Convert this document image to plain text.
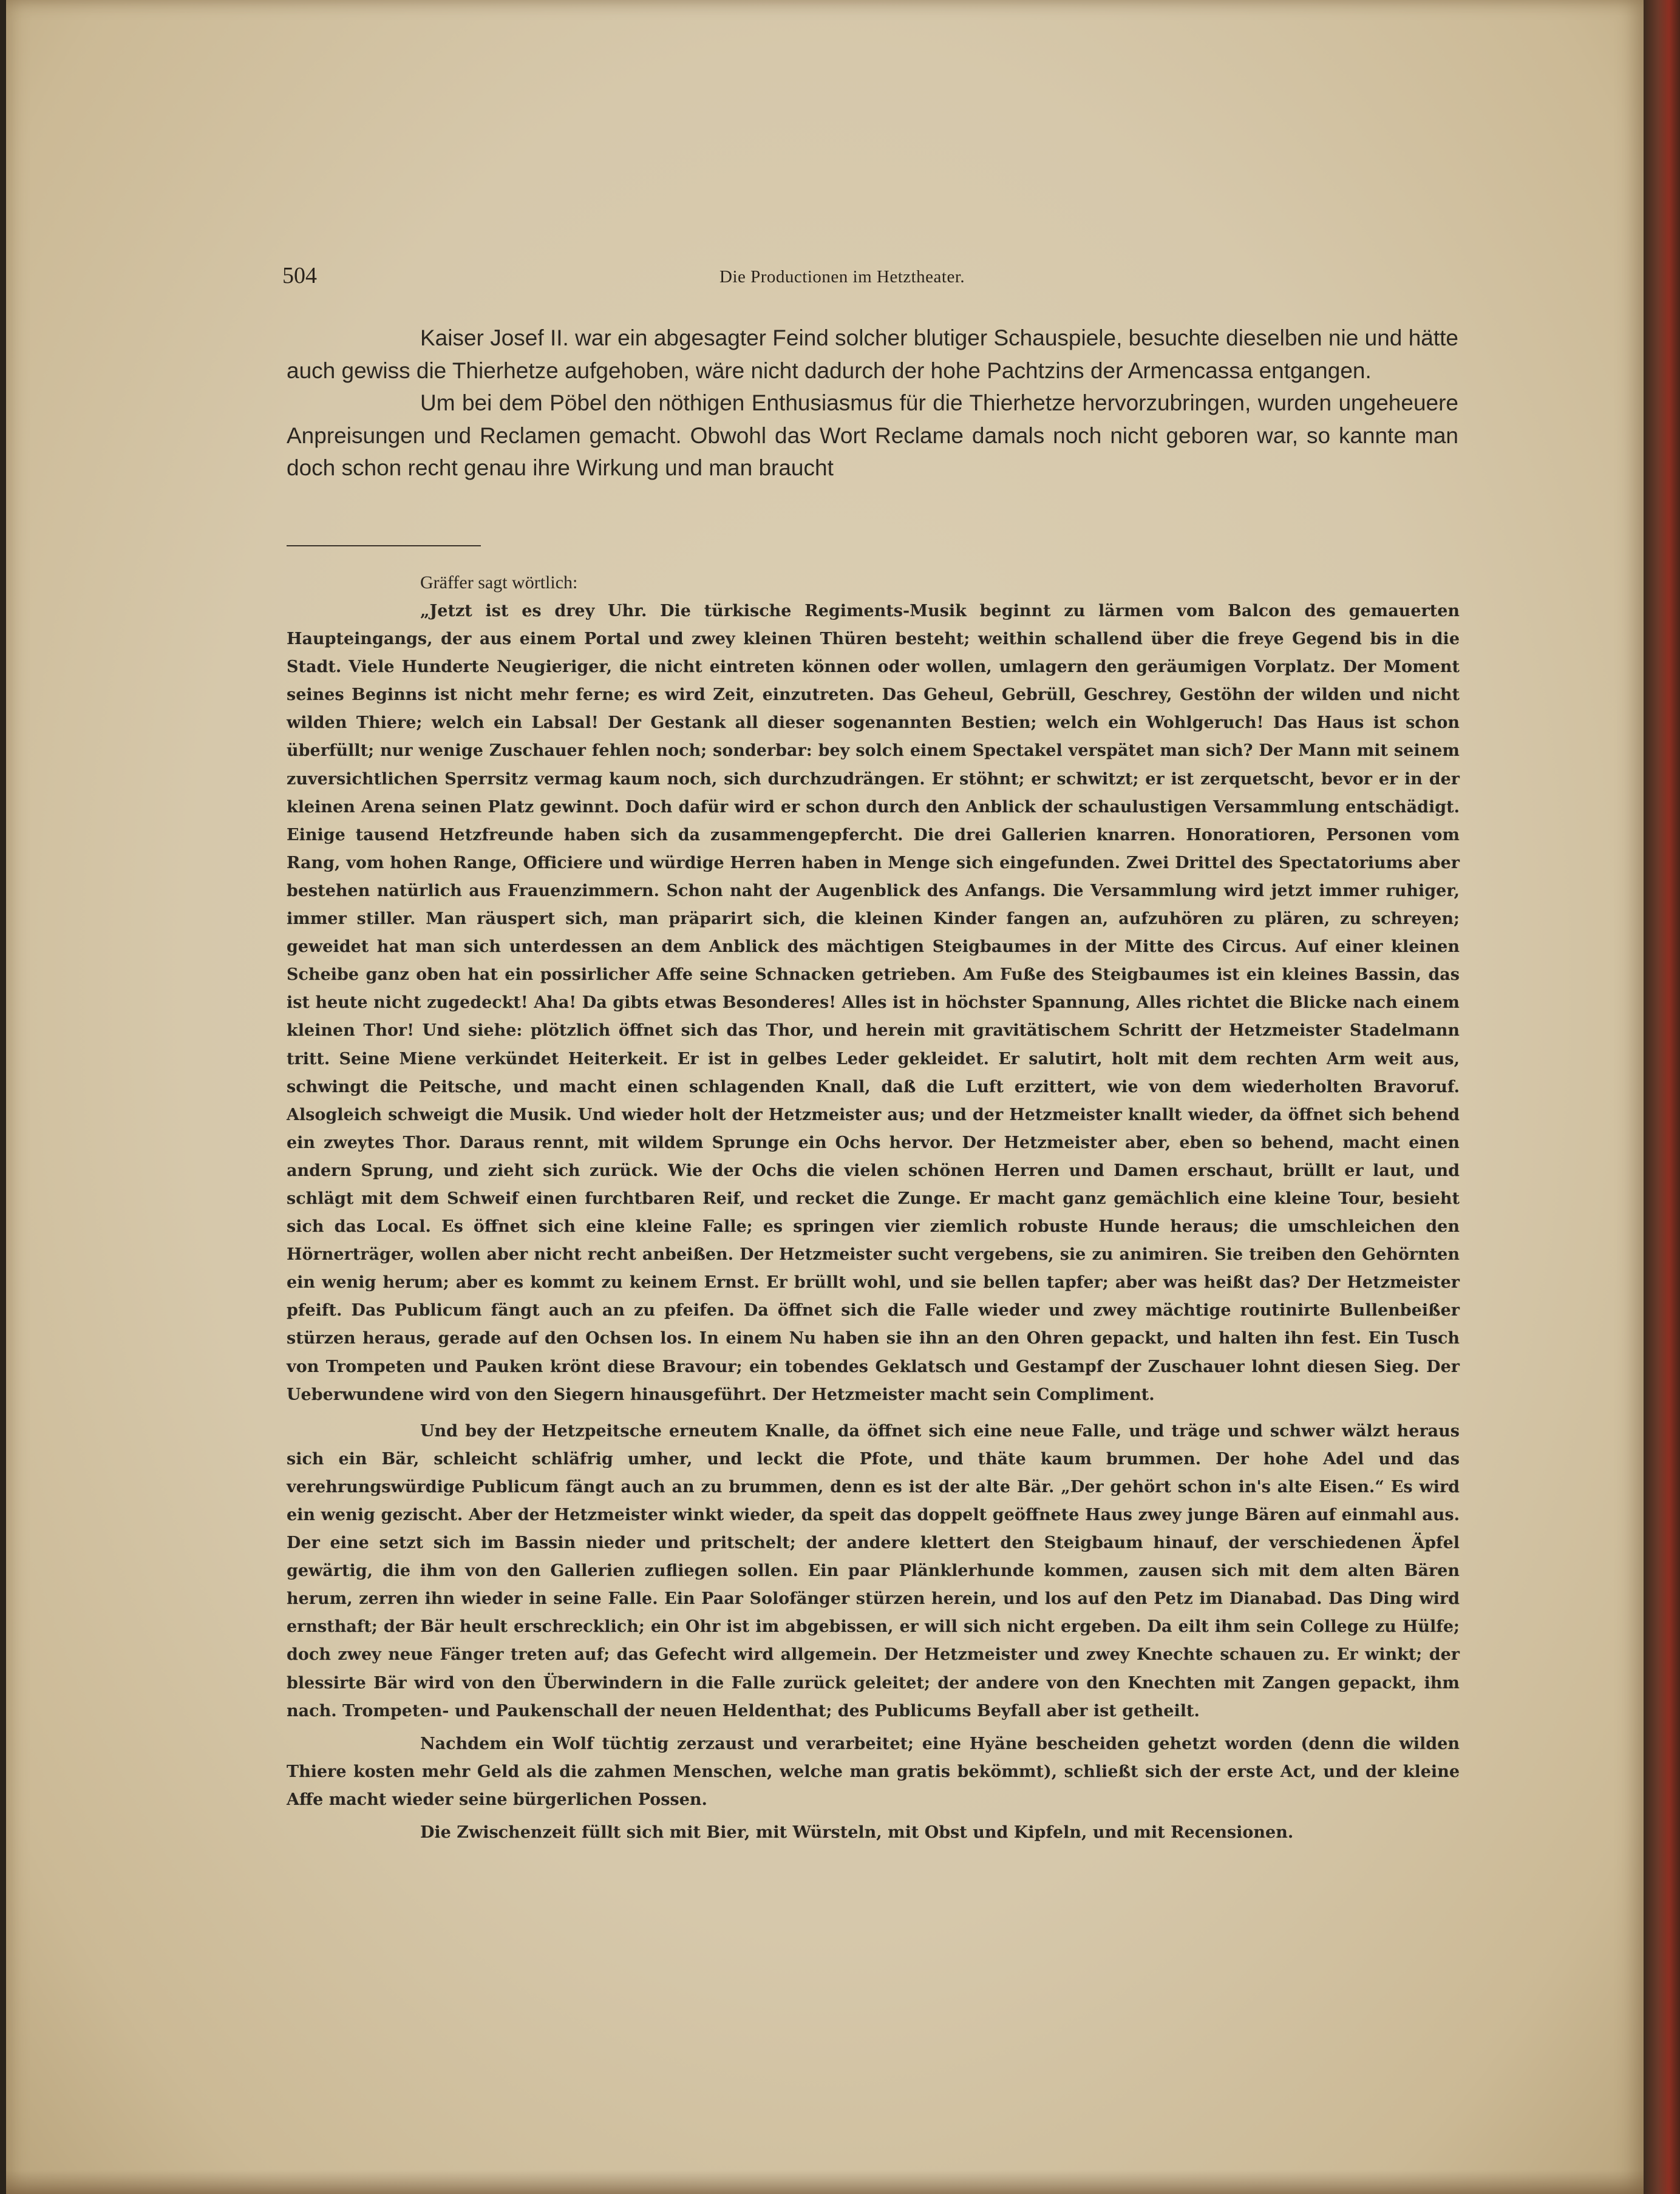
504	Die Productionen im Hetztheater.

Kaiser Josef II. war ein abgesagter Feind solcher blutiger Schauspiele, besuchte dieselben nie und hätte auch gewiss die Thierhetze aufgehoben, wäre nicht dadurch der hohe Pachtzins der Armencassa entgangen.

Um bei dem Pöbel den nöthigen Enthusiasmus für die Thierhetze hervorzubringen, wurden ungeheuere Anpreisungen und Reclamen gemacht. Obwohl das Wort Reclame damals noch nicht geboren war, so kannte man doch schon recht genau ihre Wirkung und man braucht

Gräffer sagt wörtlich:

„Jetzt ist es drey Uhr. Die türkische Regiments-Musik beginnt zu lärmen vom Balcon des gemauerten Haupteingangs, der aus einem Portal und zwey kleinen Thüren besteht; weithin schallend über die freye Gegend bis in die Stadt. Viele Hunderte Neugieriger, die nicht eintreten können oder wollen, umlagern den geräumigen Vorplatz. Der Moment seines Beginns ist nicht mehr ferne; es wird Zeit, einzutreten. Das Geheul, Gebrüll, Geschrey, Gestöhn der wilden und nicht wilden Thiere; welch ein Labsal! Der Gestank all dieser sogenannten Bestien; welch ein Wohlgeruch! Das Haus ist schon überfüllt; nur wenige Zuschauer fehlen noch; sonderbar: bey solch einem Spectakel verspätet man sich? Der Mann mit seinem zuversichtlichen Sperrsitz vermag kaum noch, sich durchzudrängen. Er stöhnt; er schwitzt; er ist zerquetscht, bevor er in der kleinen Arena seinen Platz gewinnt. Doch dafür wird er schon durch den Anblick der schaulustigen Versammlung entschädigt. Einige tausend Hetzfreunde haben sich da zusammengepfercht. Die drei Gallerien knarren. Honoratioren, Personen vom Rang, vom hohen Range, Officiere und würdige Herren haben in Menge sich eingefunden. Zwei Drittel des Spectatoriums aber bestehen natürlich aus Frauenzimmern. Schon naht der Augenblick des Anfangs. Die Versammlung wird jetzt immer ruhiger, immer stiller. Man räuspert sich, man präparirt sich, die kleinen Kinder fangen an, aufzuhören zu plären, zu schreyen; geweidet hat man sich unterdessen an dem Anblick des mächtigen Steigbaumes in der Mitte des Circus. Auf einer kleinen Scheibe ganz oben hat ein possirlicher Affe seine Schnacken getrieben. Am Fuße des Steigbaumes ist ein kleines Bassin, das ist heute nicht zugedeckt! Aha! Da gibts etwas Besonderes! Alles ist in höchster Spannung, Alles richtet die Blicke nach einem kleinen Thor! Und siehe: plötzlich öffnet sich das Thor, und herein mit gravitätischem Schritt der Hetzmeister Stadelmann tritt. Seine Miene verkündet Heiterkeit. Er ist in gelbes Leder gekleidet. Er salutirt, holt mit dem rechten Arm weit aus, schwingt die Peitsche, und macht einen schlagenden Knall, daß die Luft erzittert, wie von dem wiederholten Bravoruf. Alsogleich schweigt die Musik. Und wieder holt der Hetzmeister aus; und der Hetzmeister knallt wieder, da öffnet sich behend ein zweytes Thor. Daraus rennt, mit wildem Sprunge ein Ochs hervor. Der Hetzmeister aber, eben so behend, macht einen andern Sprung, und zieht sich zurück. Wie der Ochs die vielen schönen Herren und Damen erschaut, brüllt er laut, und schlägt mit dem Schweif einen furchtbaren Reif, und recket die Zunge. Er macht ganz gemächlich eine kleine Tour, besieht sich das Local. Es öffnet sich eine kleine Falle; es springen vier ziemlich robuste Hunde heraus; die umschleichen den Hörnerträger, wollen aber nicht recht anbeißen. Der Hetzmeister sucht vergebens, sie zu animiren. Sie treiben den Gehörnten ein wenig herum; aber es kommt zu keinem Ernst. Er brüllt wohl, und sie bellen tapfer; aber was heißt das? Der Hetzmeister pfeift. Das Publicum fängt auch an zu pfeifen. Da öffnet sich die Falle wieder und zwey mächtige routinirte Bullenbeißer stürzen heraus, gerade auf den Ochsen los. In einem Nu haben sie ihn an den Ohren gepackt, und halten ihn fest. Ein Tusch von Trompeten und Pauken krönt diese Bravour; ein tobendes Geklatsch und Gestampf der Zuschauer lohnt diesen Sieg. Der Ueberwundene wird von den Siegern hinausgeführt. Der Hetzmeister macht sein Compliment.

Und bey der Hetzpeitsche erneutem Knalle, da öffnet sich eine neue Falle, und träge und schwer wälzt heraus sich ein Bär, schleicht schläfrig umher, und leckt die Pfote, und thäte kaum brummen. Der hohe Adel und das verehrungswürdige Publicum fängt auch an zu brummen, denn es ist der alte Bär. „Der gehört schon in's alte Eisen.“ Es wird ein wenig gezischt. Aber der Hetzmeister winkt wieder, da speit das doppelt geöffnete Haus zwey junge Bären auf einmahl aus. Der eine setzt sich im Bassin nieder und pritschelt; der andere klettert den Steigbaum hinauf, der verschiedenen Äpfel gewärtig, die ihm von den Gallerien zufliegen sollen. Ein paar Plänklerhunde kommen, zausen sich mit dem alten Bären herum, zerren ihn wieder in seine Falle. Ein Paar Solofänger stürzen herein, und los auf den Petz im Dianabad. Das Ding wird ernsthaft; der Bär heult erschrecklich; ein Ohr ist im abgebissen, er will sich nicht ergeben. Da eilt ihm sein College zu Hülfe; doch zwey neue Fänger treten auf; das Gefecht wird allgemein. Der Hetzmeister und zwey Knechte schauen zu. Er winkt; der blessirte Bär wird von den Überwindern in die Falle zurück geleitet; der andere von den Knechten mit Zangen gepackt, ihm nach. Trompeten- und Paukenschall der neuen Heldenthat; des Publicums Beyfall aber ist getheilt.

Nachdem ein Wolf tüchtig zerzaust und verarbeitet; eine Hyäne bescheiden gehetzt worden (denn die wilden Thiere kosten mehr Geld als die zahmen Menschen, welche man gratis bekömmt), schließt sich der erste Act, und der kleine Affe macht wieder seine bürgerlichen Possen.

Die Zwischenzeit füllt sich mit Bier, mit Würsteln, mit Obst und Kipfeln, und mit Recensionen.
